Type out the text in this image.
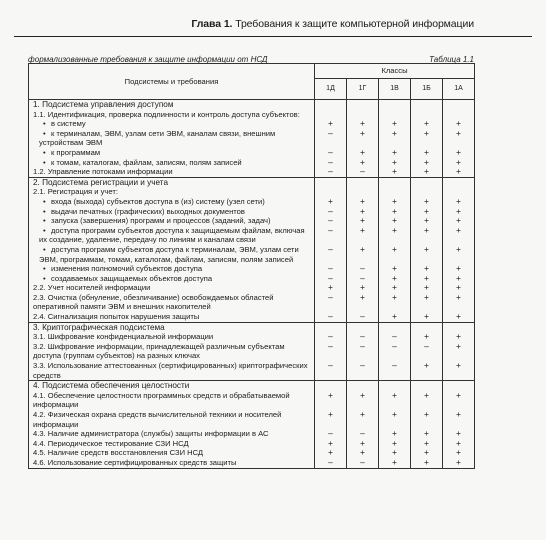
Глава 1. Требования к защите компьютерной информации
формализованные требования к защите информации от НСД	Таблица 1.1
Подсистемы и требования	Классы				
	1Д	1Г	1В	1Б	1А
1. Подсистема управления доступом					
1.1. Идентификация, проверка подлинности и контроль доступа субъектов:					
• в систему	+	+	+	+	+
• к терминалам, ЭВМ, узлам сети ЭВМ, каналам связи, внешним устройствам ЭВМ	–	+	+	+	+
• к программам	–	+	+	+	+
• к томам, каталогам, файлам, записям, полям записей	–	+	+	+	+
1.2. Управление потоками информации	–	–	+	+	+
2. Подсистема регистрации и учета					
2.1. Регистрация и учет:					
• входа (выхода) субъектов доступа в (из) систему (узел сети)	+	+	+	+	+
• выдачи печатных (графических) выходных документов	–	+	+	+	+
• запуска (завершения) программ и процессов (заданий, задач)	–	+	+	+	+
• доступа программ субъектов доступа к защищаемым файлам, включая их создание, удаление, передачу по линиям и каналам связи	–	+	+	+	+
• доступа программ субъектов доступа к терминалам, ЭВМ, узлам сети ЭВМ, программам, томам, каталогам, файлам, записям, полям записей	–	+	+	+	+
• изменения полномочий субъектов доступа	–	–	+	+	+
• создаваемых защищаемых объектов доступа	–	–	+	+	+
2.2. Учет носителей информации	+	+	+	+	+
2.3. Очистка (обнуление, обезличивание) освобождаемых областей оперативной памяти ЭВМ и внешних накопителей	–	+	+	+	+
2.4. Сигнализация попыток нарушения защиты	–	–	+	+	+
3. Криптографическая подсистема					
3.1. Шифрование конфиденциальной информации	–	–	–	+	+
3.2. Шифрование информации, принадлежащей различным субъектам доступа (группам субъектов) на разных ключах	–	–	–	–	+
3.3. Использование аттестованных (сертифицированных) криптографических средств	–	–	–	+	+
4. Подсистема обеспечения целостности					
4.1. Обеспечение целостности программных средств и обрабатываемой информации	+	+	+	+	+
4.2. Физическая охрана средств вычислительной техники и носителей информации	+	+	+	+	+
4.3. Наличие администратора (службы) защиты информации в АС	–	–	+	+	+
4.4. Периодическое тестирование СЗИ НСД	+	+	+	+	+
4.5. Наличие средств восстановления СЗИ НСД	+	+	+	+	+
4.6. Использование сертифицированных средств защиты	–	–	+	+	+
